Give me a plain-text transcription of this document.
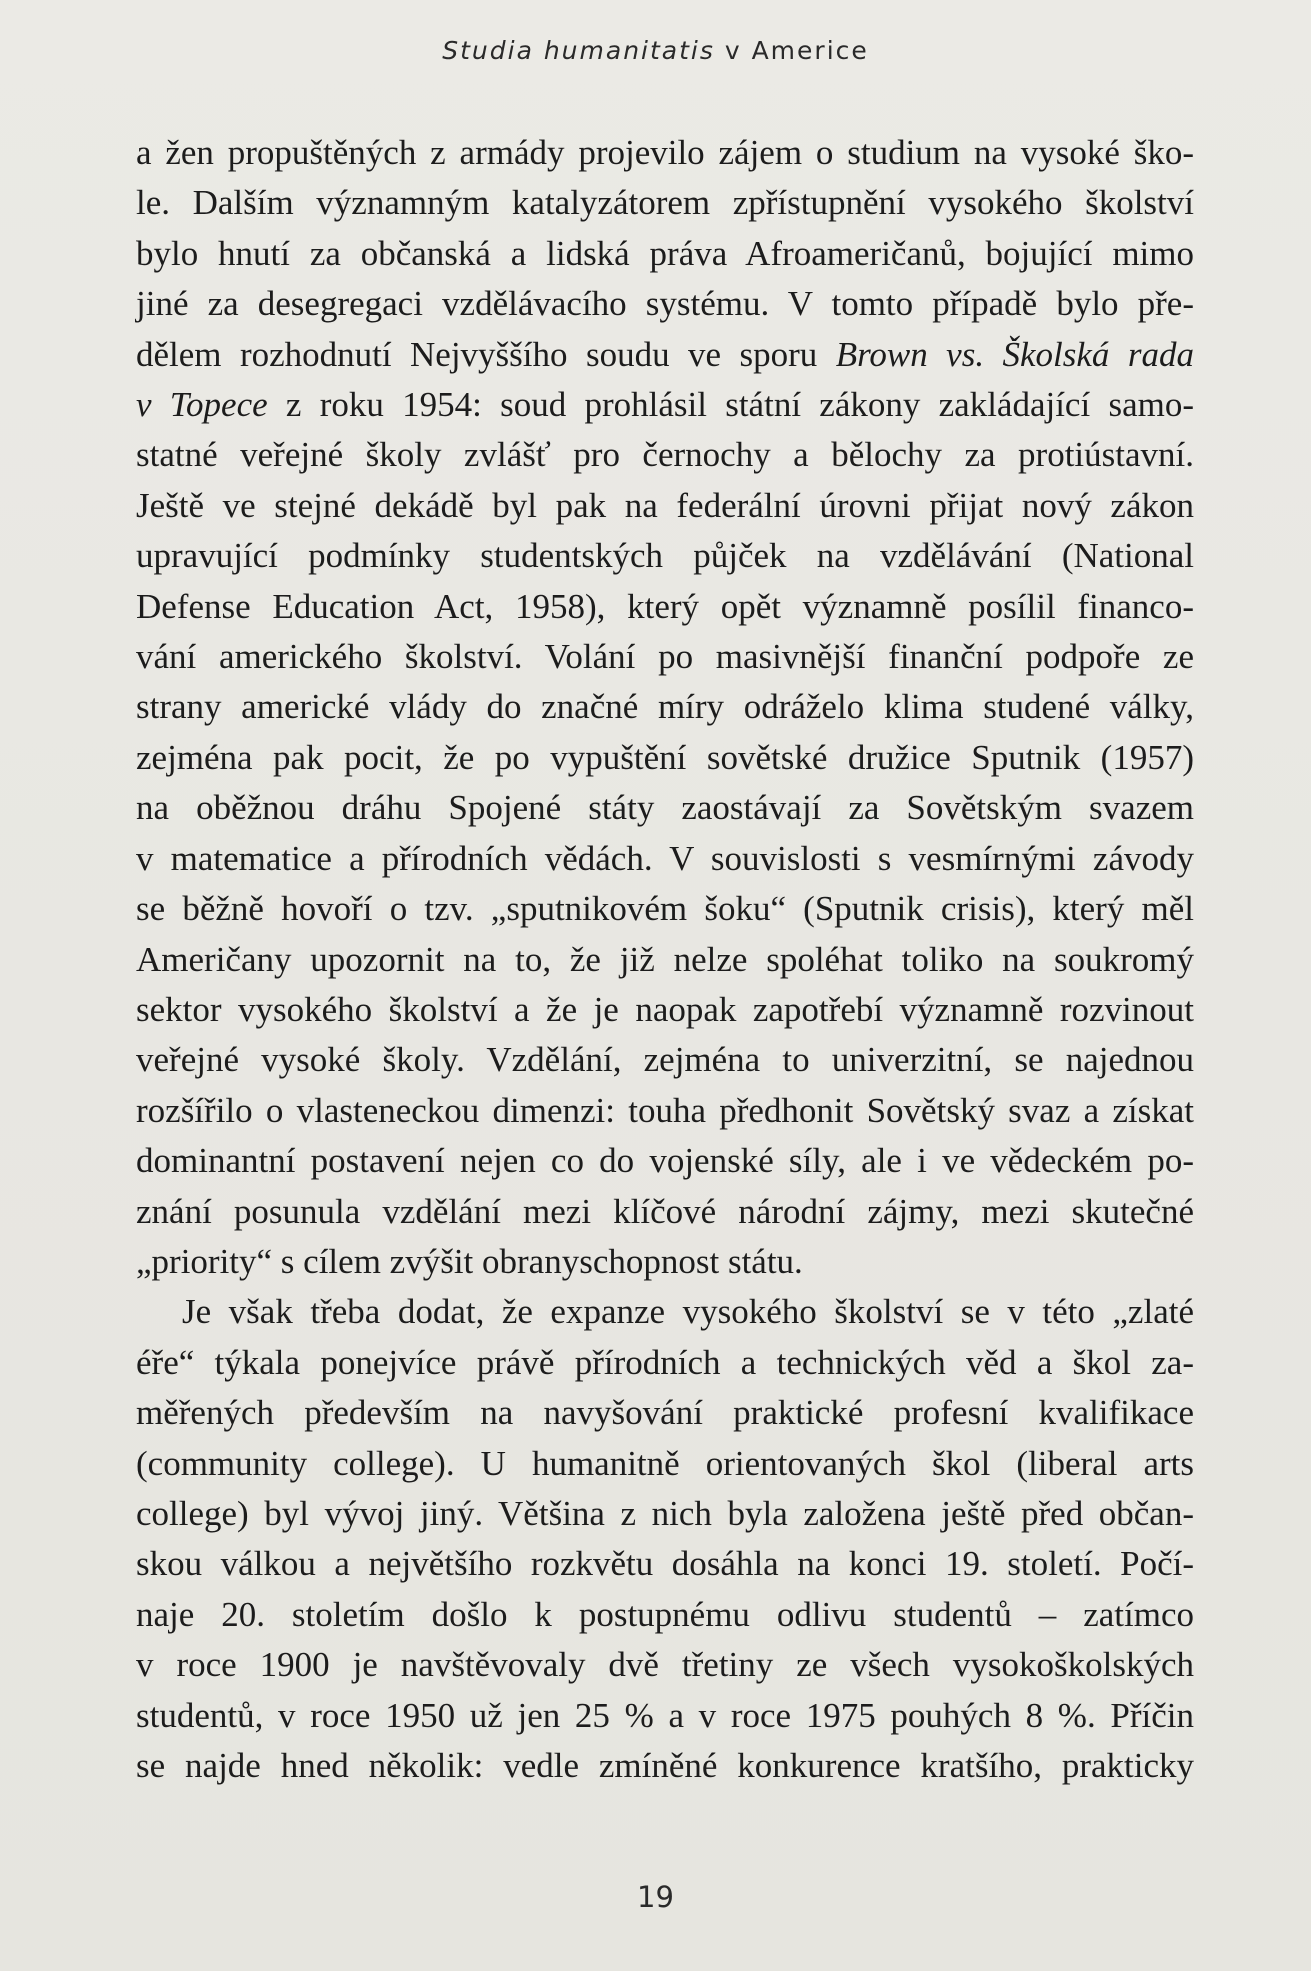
Studia humanitatis v Americe
a žen propuštěných z armády projevilo zájem o studium na vysoké ško-
le. Dalším významným katalyzátorem zpřístupnění vysokého školství
bylo hnutí za občanská a lidská práva Afroameričanů, bojující mimo
jiné za desegregaci vzdělávacího systému. V tomto případě bylo pře-
dělem rozhodnutí Nejvyššího soudu ve sporu Brown vs. Školská rada
v Topece z roku 1954: soud prohlásil státní zákony zakládající samo-
statné veřejné školy zvlášť pro černochy a bělochy za protiústavní.
Ještě ve stejné dekádě byl pak na federální úrovni přijat nový zákon
upravující podmínky studentských půjček na vzdělávání (National
Defense Education Act, 1958), který opět významně posílil financo-
vání amerického školství. Volání po masivnější finanční podpoře ze
strany americké vlády do značné míry odráželo klima studené války,
zejména pak pocit, že po vypuštění sovětské družice Sputnik (1957)
na oběžnou dráhu Spojené státy zaostávají za Sovětským svazem
v matematice a přírodních vědách. V souvislosti s vesmírnými závody
se běžně hovoří o tzv. „sputnikovém šoku“ (Sputnik crisis), který měl
Američany upozornit na to, že již nelze spoléhat toliko na soukromý
sektor vysokého školství a že je naopak zapotřebí významně rozvinout
veřejné vysoké školy. Vzdělání, zejména to univerzitní, se najednou
rozšířilo o vlasteneckou dimenzi: touha předhonit Sovětský svaz a získat
dominantní postavení nejen co do vojenské síly, ale i ve vědeckém po-
znání posunula vzdělání mezi klíčové národní zájmy, mezi skutečné
„priority“ s cílem zvýšit obranyschopnost státu.
Je však třeba dodat, že expanze vysokého školství se v této „zlaté
éře“ týkala ponejvíce právě přírodních a technických věd a škol za-
měřených především na navyšování praktické profesní kvalifikace
(community college). U humanitně orientovaných škol (liberal arts
college) byl vývoj jiný. Většina z nich byla založena ještě před občan-
skou válkou a největšího rozkvětu dosáhla na konci 19. století. Počí-
naje 20. stoletím došlo k postupnému odlivu studentů – zatímco
v roce 1900 je navštěvovaly dvě třetiny ze všech vysokoškolských
studentů, v roce 1950 už jen 25 % a v roce 1975 pouhých 8 %. Příčin
se najde hned několik: vedle zmíněné konkurence kratšího, prakticky
19
